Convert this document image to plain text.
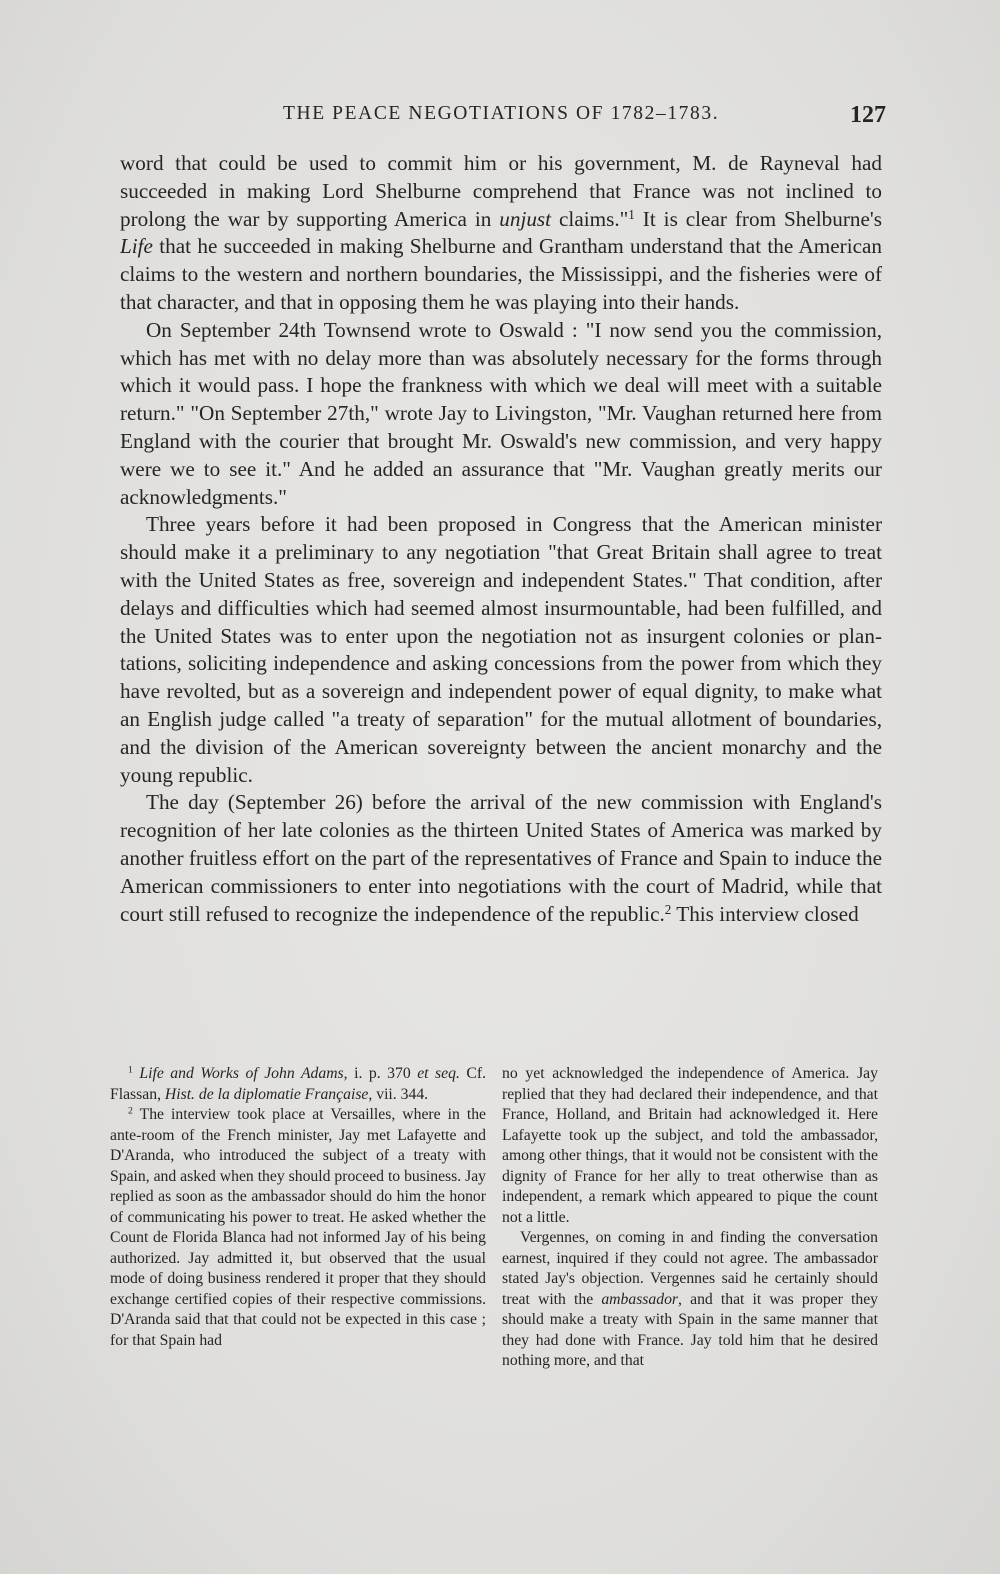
THE PEACE NEGOTIATIONS OF 1782–1783.	127

word that could be used to commit him or his government, M. de Rayneval had succeeded in making Lord Shelburne comprehend that France was not inclined to prolong the war by supporting America in unjust claims."$^1$ It is clear from Shelburne's Life that he succeeded in making Shelburne and Grantham understand that the American claims to the western and northern boundaries, the Mississippi, and the fisheries were of that character, and that in opposing them he was playing into their hands.

On September 24th Townsend wrote to Oswald : "I now send you the commission, which has met with no delay more than was absolutely necessary for the forms through which it would pass. I hope the frankness with which we deal will meet with a suitable return." "On September 27th," wrote Jay to Livingston, "Mr. Vaughan returned here from England with the courier that brought Mr. Oswald's new commission, and very happy were we to see it." And he added an assurance that "Mr. Vaughan greatly merits our acknowledgments."

Three years before it had been proposed in Congress that the American minister should make it a preliminary to any negotiation "that Great Britain shall agree to treat with the United States as free, sovereign and independent States." That condition, after delays and difficulties which had seemed almost insurmountable, had been fulfilled, and the United States was to enter upon the negotiation not as insurgent colonies or plantations, soliciting independence and asking concessions from the power from which they have revolted, but as a sovereign and independent power of equal dignity, to make what an English judge called "a treaty of separation" for the mutual allotment of boundaries, and the division of the American sovereignty between the ancient monarchy and the young republic.

The day (September 26) before the arrival of the new commission with England's recognition of her late colonies as the thirteen United States of America was marked by another fruitless effort on the part of the representatives of France and Spain to induce the American commissioners to enter into negotiations with the court of Madrid, while that court still refused to recognize the independence of the republic.$^2$ This interview closed

$^1$ Life and Works of John Adams, i. p. 370 et seq. Cf. Flassan, Hist. de la diplomatie Française, vii. 344.

$^2$ The interview took place at Versailles, where in the ante-room of the French minister, Jay met Lafayette and D'Aranda, who introduced the subject of a treaty with Spain, and asked when they should proceed to business. Jay replied as soon as the ambassador should do him the honor of communicating his power to treat. He asked whether the Count de Florida Blanca had not informed Jay of his being authorized. Jay admitted it, but observed that the usual mode of doing business rendered it proper that they should exchange certified copies of their respective commissions. D'Aranda said that that could not be expected in this case ; for that Spain had

no yet acknowledged the independence of America. Jay replied that they had declared their independence, and that France, Holland, and Britain had acknowledged it. Here Lafayette took up the subject, and told the ambassador, among other things, that it would not be consistent with the dignity of France for her ally to treat otherwise than as independent, a remark which appeared to pique the count not a little.

Vergennes, on coming in and finding the conversation earnest, inquired if they could not agree. The ambassador stated Jay's objection. Vergennes said he certainly should treat with the ambassador, and that it was proper they should make a treaty with Spain in the same manner that they had done with France. Jay told him that he desired nothing more, and that
